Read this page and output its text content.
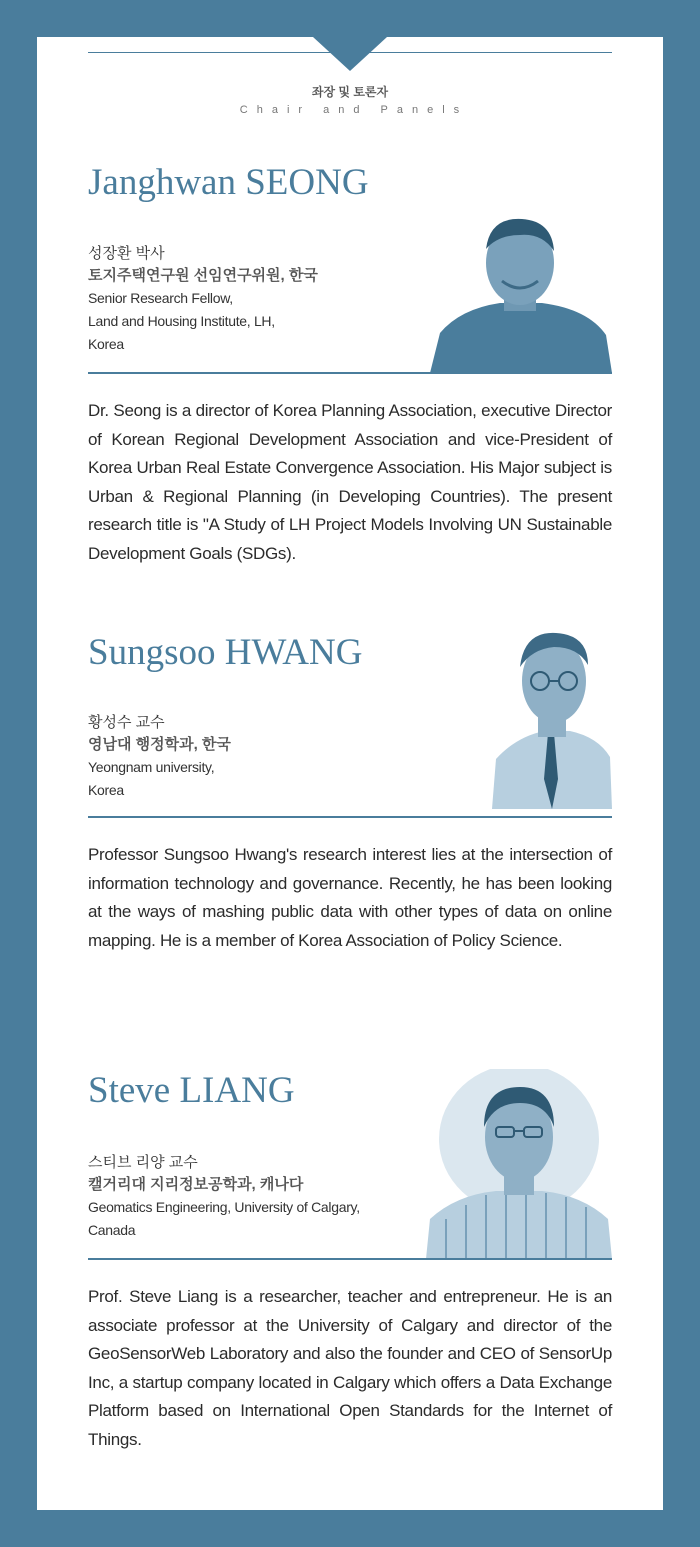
좌장 및 토론자
Chair and Panels
Janghwan SEONG
성장환 박사
토지주택연구원 선임연구위원, 한국
Senior Research Fellow,
Land and Housing Institute, LH,
Korea
Dr. Seong is a director of Korea Planning Association, executive Director of Korean Regional Development Association and vice-President of Korea Urban Real Estate Convergence Association. His Major subject is Urban & Regional Planning (in Developing Countries). The present research title is "A Study of LH Project Models Involving UN Sustainable Development Goals (SDGs).
Sungsoo HWANG
황성수 교수
영남대 행정학과, 한국
Yeongnam university,
Korea
Professor Sungsoo Hwang's research interest lies at the intersection of information technology and governance. Recently, he has been looking at the ways of mashing public data with other types of data on online mapping. He is a member of Korea Association of Policy Science.
Steve LIANG
스티브 리양 교수
캘거리대 지리정보공학과, 캐나다
Geomatics Engineering, University of Calgary,
Canada
Prof. Steve Liang is a researcher, teacher and entrepreneur. He is an associate professor at the University of Calgary and director of the GeoSensorWeb Laboratory and also the founder and CEO of SensorUp Inc, a startup company located in Calgary which offers a Data Exchange Platform based on International Open Standards for the Internet of Things.
